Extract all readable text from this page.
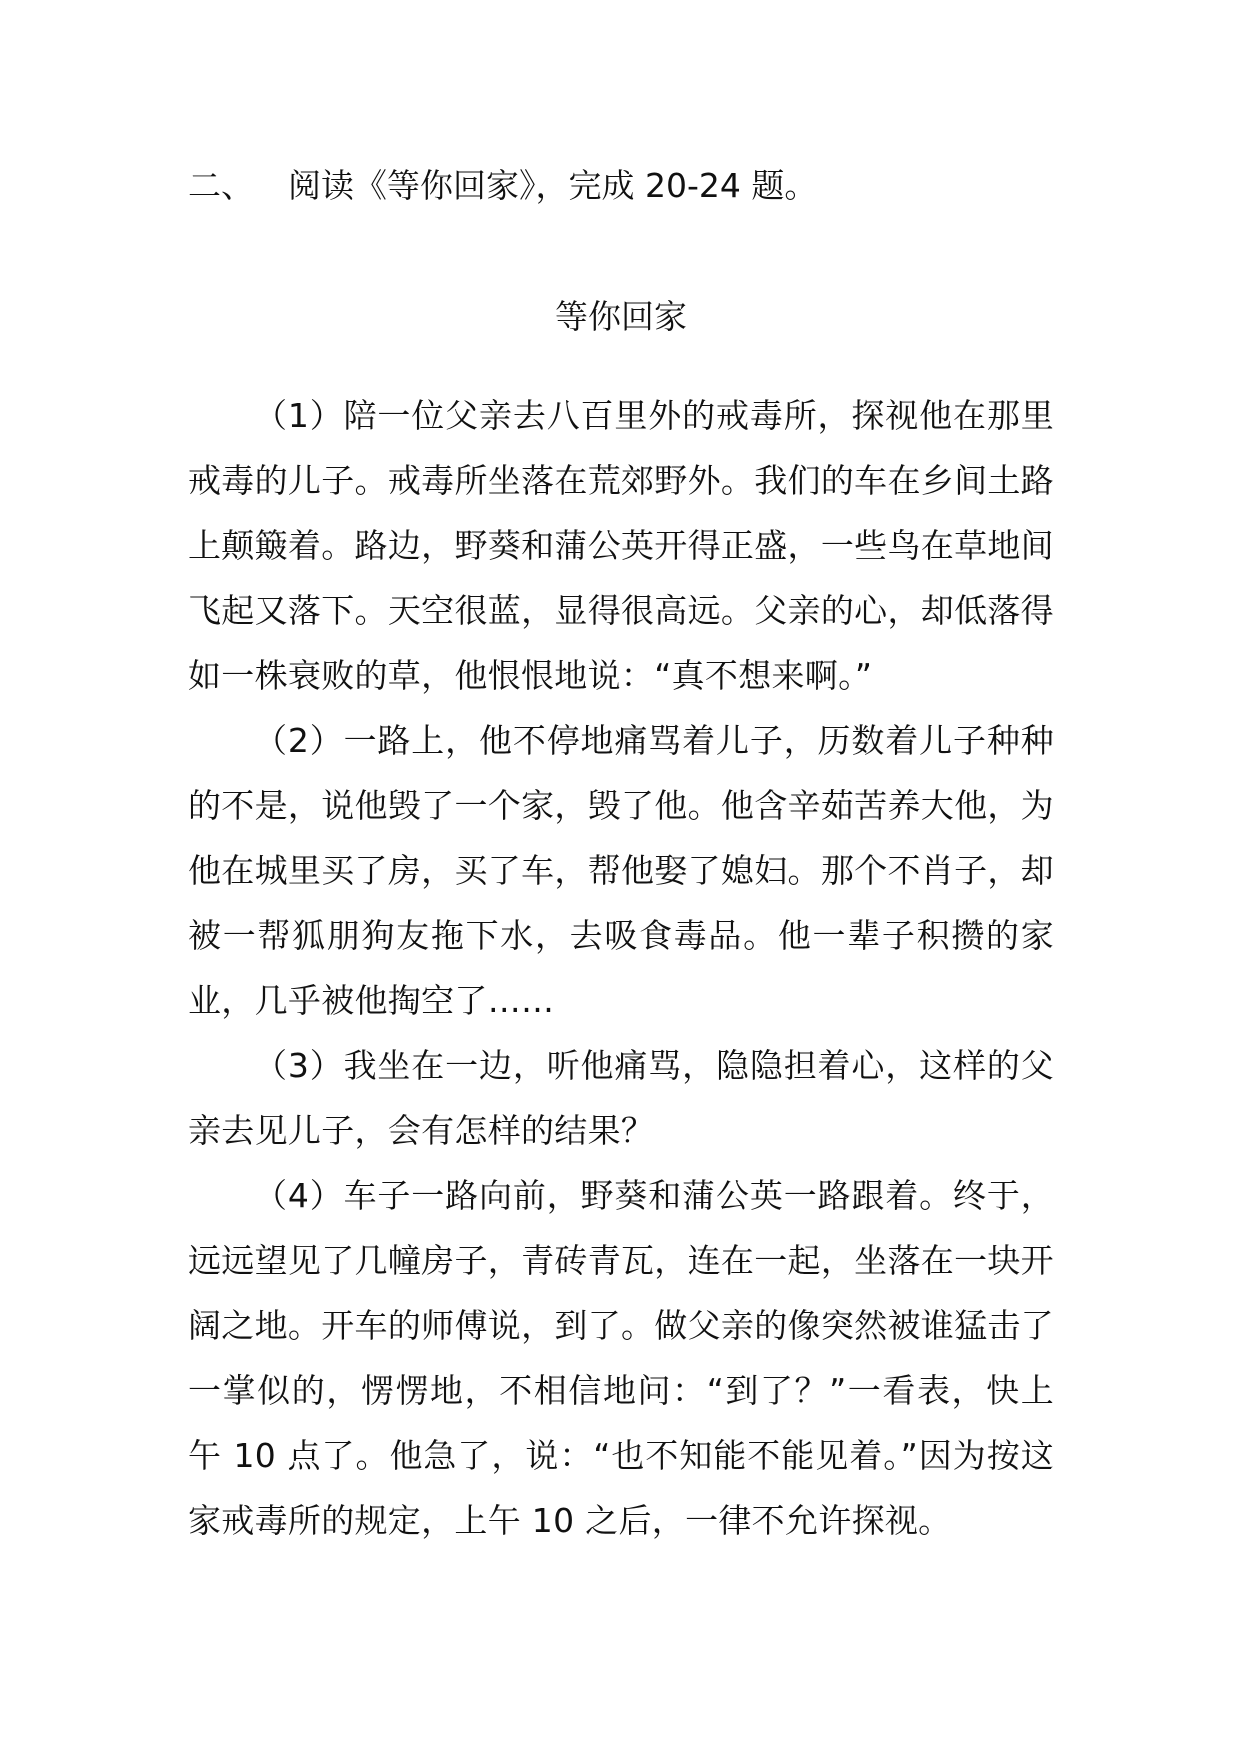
二、 阅读《等你回家》，完成 20-24 题。
等你回家

（1）陪一位父亲去八百里外的戒毒所，探视他在那里戒毒的儿子。戒毒所坐落在荒郊野外。我们的车在乡间土路上颠簸着。路边，野葵和蒲公英开得正盛，一些鸟在草地间飞起又落下。天空很蓝，显得很高远。父亲的心，却低落得如一株衰败的草，他恨恨地说：“真不想来啊。”

（2）一路上，他不停地痛骂着儿子，历数着儿子种种的不是，说他毁了一个家，毁了他。他含辛茹苦养大他，为他在城里买了房，买了车，帮他娶了媳妇。那个不肖子，却被一帮狐朋狗友拖下水，去吸食毒品。他一辈子积攒的家业，几乎被他掏空了……

（3）我坐在一边，听他痛骂，隐隐担着心，这样的父亲去见儿子，会有怎样的结果？

（4）车子一路向前，野葵和蒲公英一路跟着。终于，远远望见了几幢房子，青砖青瓦，连在一起，坐落在一块开阔之地。开车的师傅说，到了。做父亲的像突然被谁猛击了一掌似的，愣愣地，不相信地问：“到了？”一看表，快上午 10 点了。他急了，说：“也不知能不能见着。”因为按这家戒毒所的规定，上午 10 之后，一律不允许探视。
